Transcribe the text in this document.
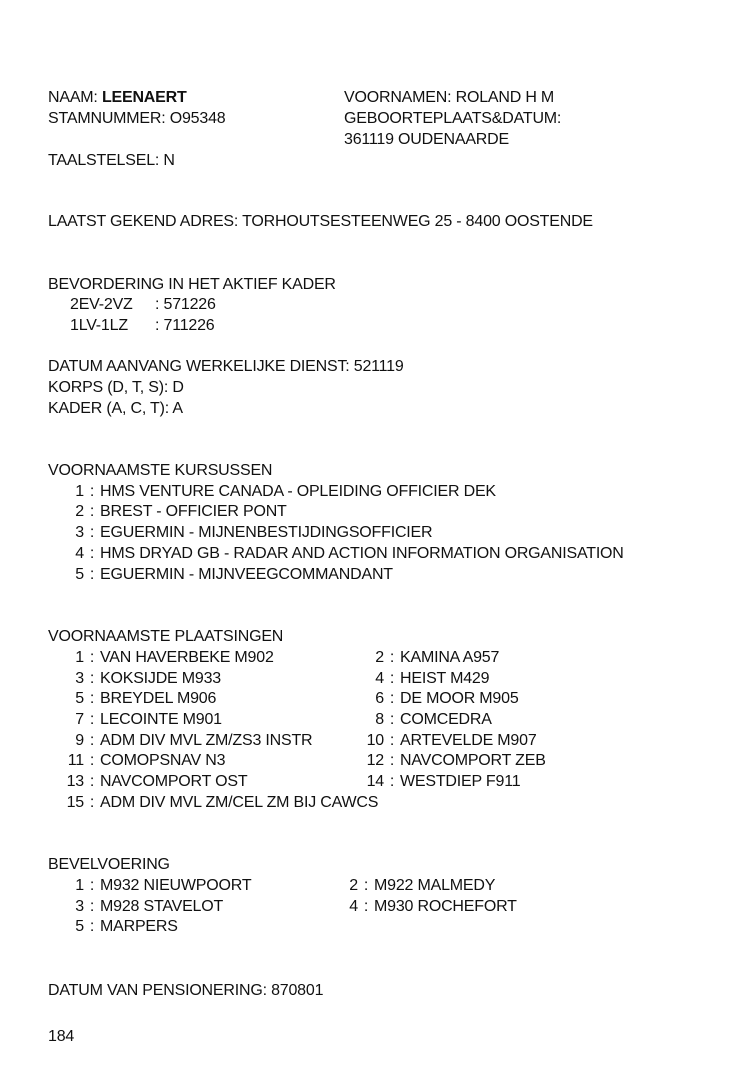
NAAM: LEENAERT	VOORNAMEN: ROLAND H M
STAMNUMMER: O95348	GEBOORTEPLAATS&DATUM:
361119 OUDENAARDE
TAALSTELSEL: N
LAATST GEKEND ADRES: TORHOUTSESTEENWEG 25 - 8400 OOSTENDE
BEVORDERING IN HET AKTIEF KADER
2EV-2VZ : 571226
1LV-1LZ : 711226
DATUM AANVANG WERKELIJKE DIENST: 521119
KORPS (D, T, S): D
KADER (A, C, T): A
VOORNAAMSTE KURSUSSEN
1 : HMS VENTURE CANADA - OPLEIDING OFFICIER DEK
2 : BREST - OFFICIER PONT
3 : EGUERMIN - MIJNENBESTIJDINGSOFFICIER
4 : HMS DRYAD GB - RADAR AND ACTION INFORMATION ORGANISATION
5 : EGUERMIN - MIJNVEEGCOMMANDANT
VOORNAAMSTE PLAATSINGEN
1 : VAN HAVERBEKE M902
3 : KOKSIJDE M933
5 : BREYDEL M906
7 : LECOINTE M901
9 : ADM DIV MVL ZM/ZS3 INSTR
11 : COMOPSNAV N3
13 : NAVCOMPORT OST
15 : ADM DIV MVL ZM/CEL ZM BIJ CAWCS
2 : KAMINA A957
4 : HEIST M429
6 : DE MOOR M905
8 : COMCEDRA
10 : ARTEVELDE M907
12 : NAVCOMPORT ZEB
14 : WESTDIEP F911
BEVELVOERING
1 : M932 NIEUWPOORT
3 : M928 STAVELOT
5 : MARPERS
2 : M922 MALMEDY
4 : M930 ROCHEFORT
DATUM VAN PENSIONERING: 870801
184
